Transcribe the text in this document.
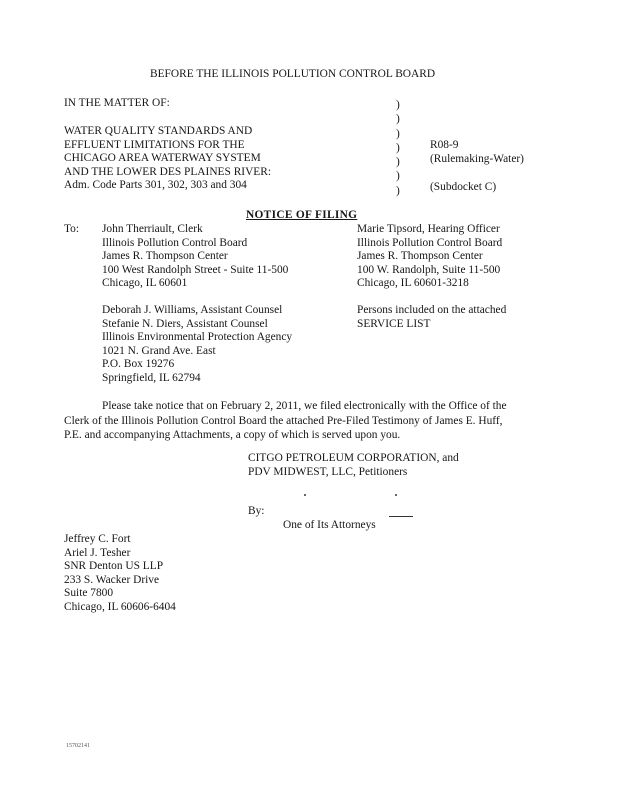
BEFORE THE ILLINOIS POLLUTION CONTROL BOARD
IN THE MATTER OF:
WATER QUALITY STANDARDS AND
EFFLUENT LIMITATIONS FOR THE
CHICAGO AREA WATERWAY SYSTEM
AND THE LOWER DES PLAINES RIVER:
Adm. Code Parts 301, 302, 303 and 304
)
)
)
)
)
)
)
R08-9
(Rulemaking-Water)
(Subdocket C)
NOTICE OF FILING
To: John Therriault, Clerk
Illinois Pollution Control Board
James R. Thompson Center
100 West Randolph Street - Suite 11-500
Chicago, IL 60601
Marie Tipsord, Hearing Officer
Illinois Pollution Control Board
James R. Thompson Center
100 W. Randolph, Suite 11-500
Chicago, IL 60601-3218
Deborah J. Williams, Assistant Counsel
Stefanie N. Diers, Assistant Counsel
Illinois Environmental Protection Agency
1021 N. Grand Ave. East
P.O. Box 19276
Springfield, IL 62794
Persons included on the attached
SERVICE LIST
Please take notice that on February 2, 2011, we filed electronically with the Office of the
Clerk of the Illinois Pollution Control Board the attached Pre-Filed Testimony of James E. Huff,
P.E. and accompanying Attachments, a copy of which is served upon you.
CITGO PETROLEUM CORPORATION, and
PDV MIDWEST, LLC, Petitioners
By:
One of Its Attorneys
Jeffrey C. Fort
Ariel J. Tesher
SNR Denton US LLP
233 S. Wacker Drive
Suite 7800
Chicago, IL 60606-6404
15702141
